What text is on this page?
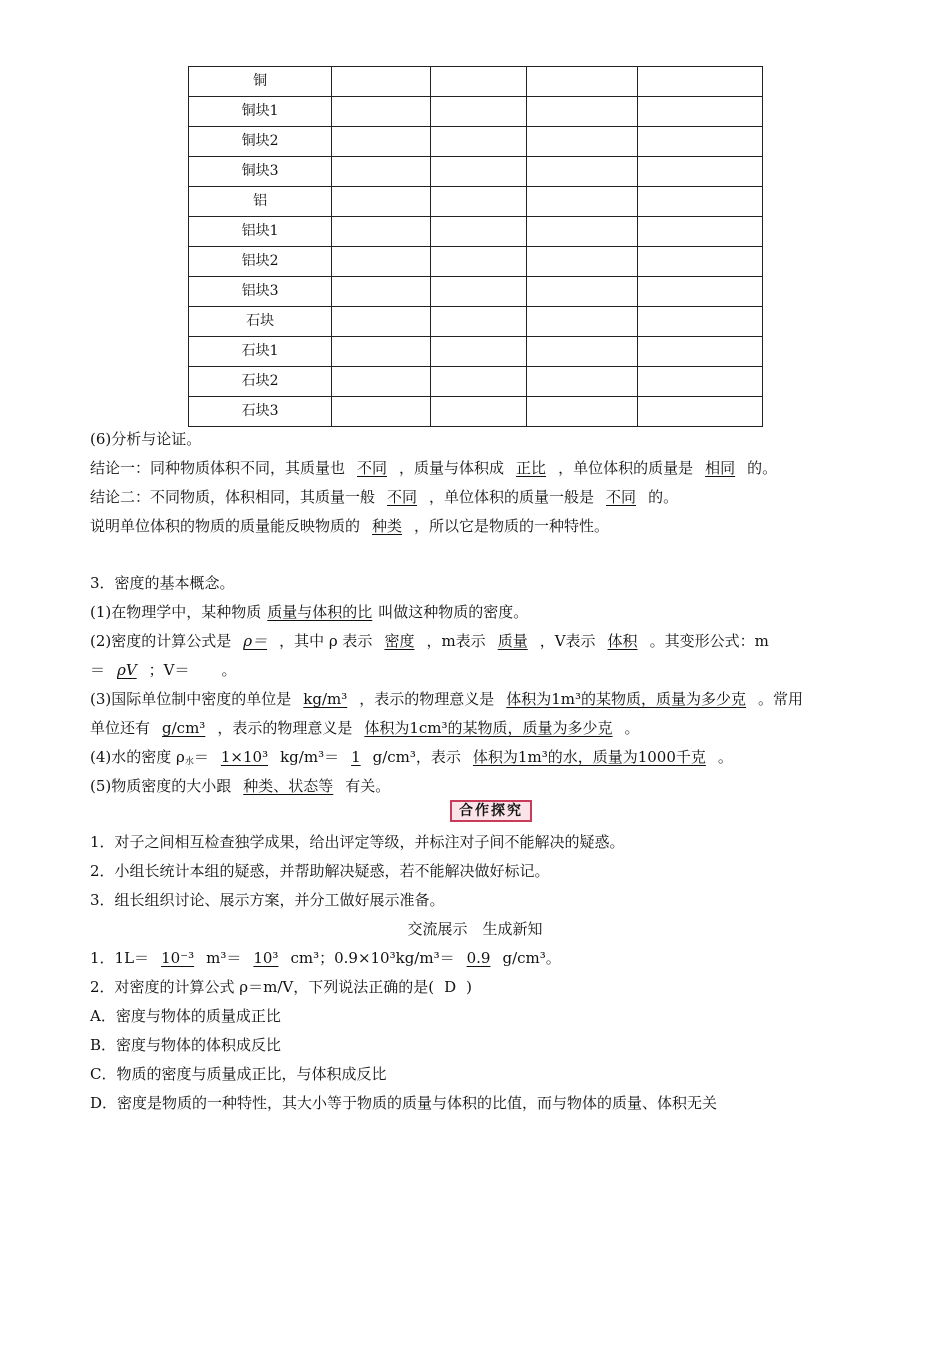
铜				
铜块1				
铜块2				
铜块3				
铝				
铝块1				
铝块2				
铝块3				
石块				
石块1				
石块2				
石块3				
(6)分析与论证。
结论一：同种物质体积不同，其质量也 不同 ，质量与体积成 正比 ，单位体积的质量是 相同 的。
结论二：不同物质，体积相同，其质量一般 不同 ，单位体积的质量一般是 不同 的。
说明单位体积的物质的质量能反映物质的 种类 ，所以它是物质的一种特性。
3．密度的基本概念。
(1)在物理学中，某种物质 质量与体积的比 叫做这种物质的密度。
(2)密度的计算公式是 ρ＝ ，其中 ρ 表示 密度 ，m表示 质量 ，V表示 体积 。其变形公式：m
＝ ρV ；V＝ 。
(3)国际单位制中密度的单位是 kg/m³ ，表示的物理意义是 体积为1m³的某物质，质量为多少克 。常用
单位还有 g/cm³ ，表示的物理意义是 体积为1cm³的某物质，质量为多少克 。
(4)水的密度 $\rho_水= 1\times 10^3$ kg/m³＝ 1 g/cm³，表示 体积为1m³的水，质量为1000千克 。
(5)物质密度的大小跟 种类、状态等 有关。
合作探究
1．对子之间相互检查独学成果，给出评定等级，并标注对子间不能解决的疑惑。
2．小组长统计本组的疑惑，并帮助解决疑惑，若不能解决做好标记。
3．组长组织讨论、展示方案，并分工做好展示准备。
交流展示　生成新知
1．1L＝ 10⁻³ m³＝ 10³ cm³；0.9×10³kg/m³＝ 0.9 g/cm³。
2．对密度的计算公式 ρ＝m/V，下列说法正确的是( D )
A．密度与物体的质量成正比
B．密度与物体的体积成反比
C．物质的密度与质量成正比，与体积成反比
D．密度是物质的一种特性，其大小等于物质的质量与体积的比值，而与物体的质量、体积无关
